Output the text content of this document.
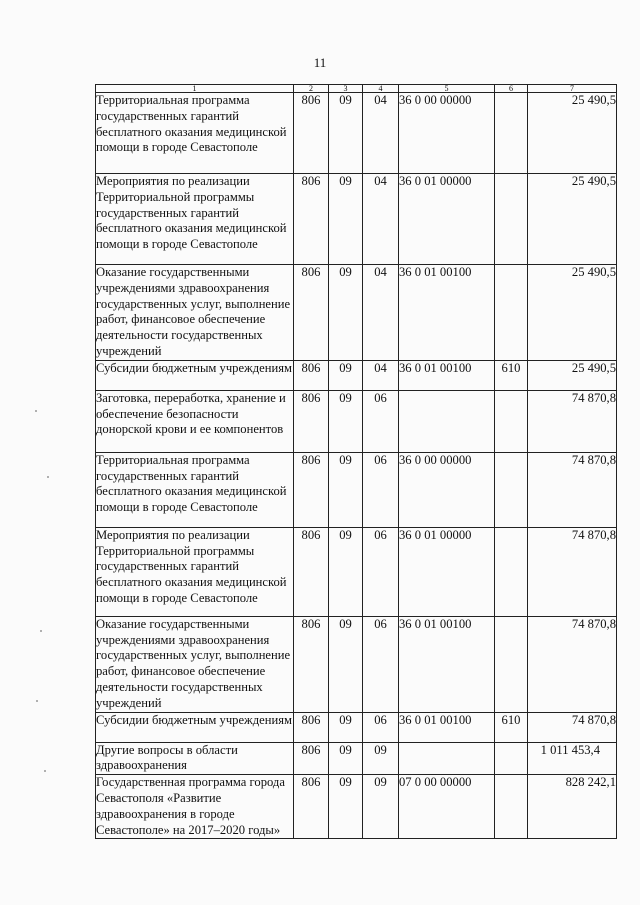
11
1	2	3	4	5	6	7
Территориальная программа государственных гарантий бесплатного оказания медицинской помощи в городе Севастополе	806	09	04	36 0 00 00000		25 490,5
Мероприятия по реализации Территориальной программы государственных гарантий бесплатного оказания медицинской помощи в городе Севастополе	806	09	04	36 0 01 00000		25 490,5
Оказание государственными учреждениями здравоохранения государственных услуг, выполнение работ, финансовое обеспечение деятельности государственных учреждений	806	09	04	36 0 01 00100		25 490,5
Субсидии бюджетным учреждениям	806	09	04	36 0 01 00100	610	25 490,5
Заготовка, переработка, хранение и обеспечение безопасности донорской крови и ее компонентов	806	09	06			74 870,8
Территориальная программа государственных гарантий бесплатного оказания медицинской помощи в городе Севастополе	806	09	06	36 0 00 00000		74 870,8
Мероприятия по реализации Территориальной программы государственных гарантий бесплатного оказания медицинской помощи в городе Севастополе	806	09	06	36 0 01 00000		74 870,8
Оказание государственными учреждениями здравоохранения государственных услуг, выполнение работ, финансовое обеспечение деятельности государственных учреждений	806	09	06	36 0 01 00100		74 870,8
Субсидии бюджетным учреждениям	806	09	06	36 0 01 00100	610	74 870,8
Другие вопросы в области здравоохранения	806	09	09			1 011 453,4
Государственная программа города Севастополя «Развитие здравоохранения в городе Севастополе» на 2017–2020 годы»	806	09	09	07 0 00 00000		828 242,1
